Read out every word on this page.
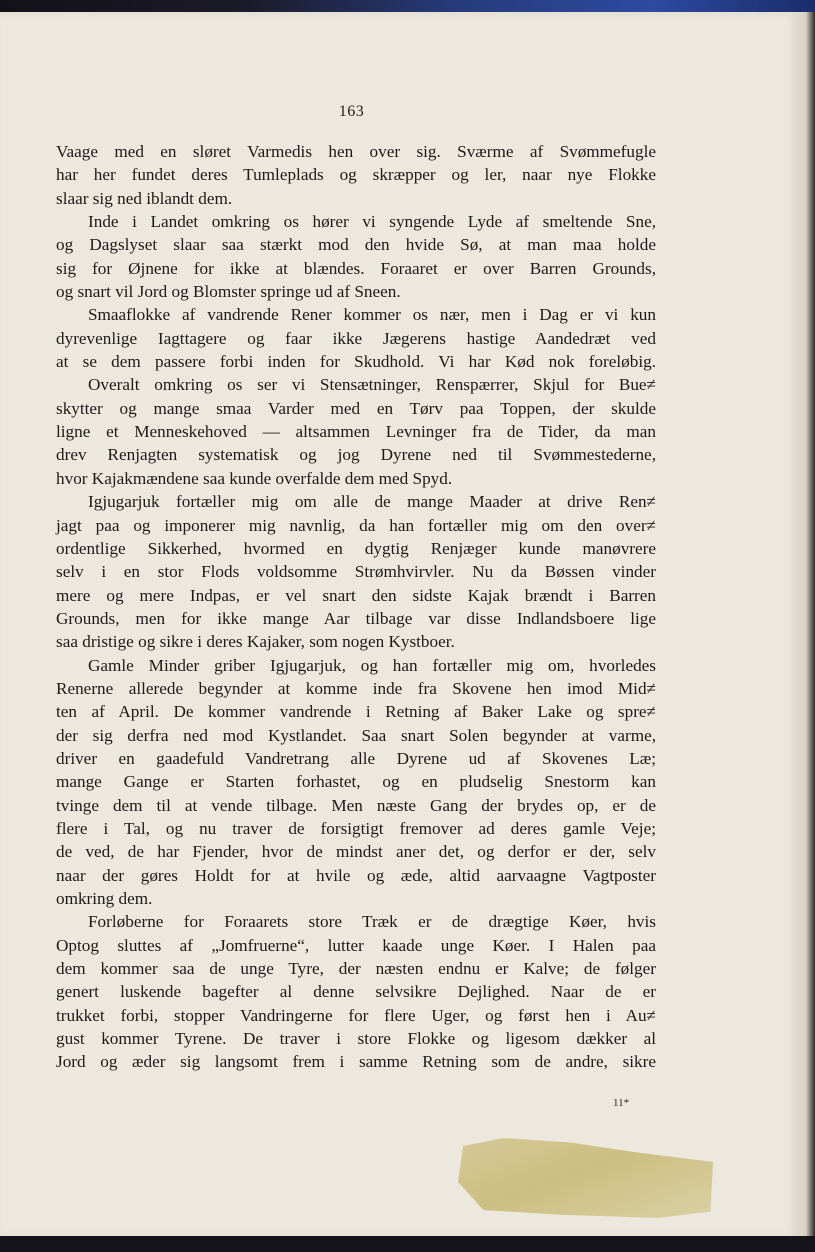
163
Vaage med en sløret Varmedis hen over sig. Sværme af Svømmefugle
har her fundet deres Tumleplads og skræpper og ler, naar nye Flokke
slaar sig ned iblandt dem.
Inde i Landet omkring os hører vi syngende Lyde af smeltende Sne,
og Dagslyset slaar saa stærkt mod den hvide Sø, at man maa holde
sig for Øjnene for ikke at blændes. Foraaret er over Barren Grounds,
og snart vil Jord og Blomster springe ud af Sneen.
Smaaflokke af vandrende Rener kommer os nær, men i Dag er vi kun
dyrevenlige Iagttagere og faar ikke Jægerens hastige Aandedræt ved
at se dem passere forbi inden for Skudhold. Vi har Kød nok foreløbig.
Overalt omkring os ser vi Stensætninger, Renspærrer, Skjul for Bue≠
skytter og mange smaa Varder med en Tørv paa Toppen, der skulde
ligne et Menneskehoved — altsammen Levninger fra de Tider, da man
drev Renjagten systematisk og jog Dyrene ned til Svømmestederne,
hvor Kajakmændene saa kunde overfalde dem med Spyd.
Igjugarjuk fortæller mig om alle de mange Maader at drive Ren≠
jagt paa og imponerer mig navnlig, da han fortæller mig om den over≠
ordentlige Sikkerhed, hvormed en dygtig Renjæger kunde manøvrere
selv i en stor Flods voldsomme Strømhvirvler. Nu da Bøssen vinder
mere og mere Indpas, er vel snart den sidste Kajak brændt i Barren
Grounds, men for ikke mange Aar tilbage var disse Indlandsboere lige
saa dristige og sikre i deres Kajaker, som nogen Kystboer.
Gamle Minder griber Igjugarjuk, og han fortæller mig om, hvorledes
Renerne allerede begynder at komme inde fra Skovene hen imod Mid≠
ten af April. De kommer vandrende i Retning af Baker Lake og spre≠
der sig derfra ned mod Kystlandet. Saa snart Solen begynder at varme,
driver en gaadefuld Vandretrang alle Dyrene ud af Skovenes Læ;
mange Gange er Starten forhastet, og en pludselig Snestorm kan
tvinge dem til at vende tilbage. Men næste Gang der brydes op, er de
flere i Tal, og nu traver de forsigtigt fremover ad deres gamle Veje;
de ved, de har Fjender, hvor de mindst aner det, og derfor er der, selv
naar der gøres Holdt for at hvile og æde, altid aarvaagne Vagtposter
omkring dem.
Forløberne for Foraarets store Træk er de drægtige Køer, hvis
Optog sluttes af „Jomfruerne“, lutter kaade unge Køer. I Halen paa
dem kommer saa de unge Tyre, der næsten endnu er Kalve; de følger
genert luskende bagefter al denne selvsikre Dejlighed. Naar de er
trukket forbi, stopper Vandringerne for flere Uger, og først hen i Au≠
gust kommer Tyrene. De traver i store Flokke og ligesom dækker al
Jord og æder sig langsomt frem i samme Retning som de andre, sikre
11*
